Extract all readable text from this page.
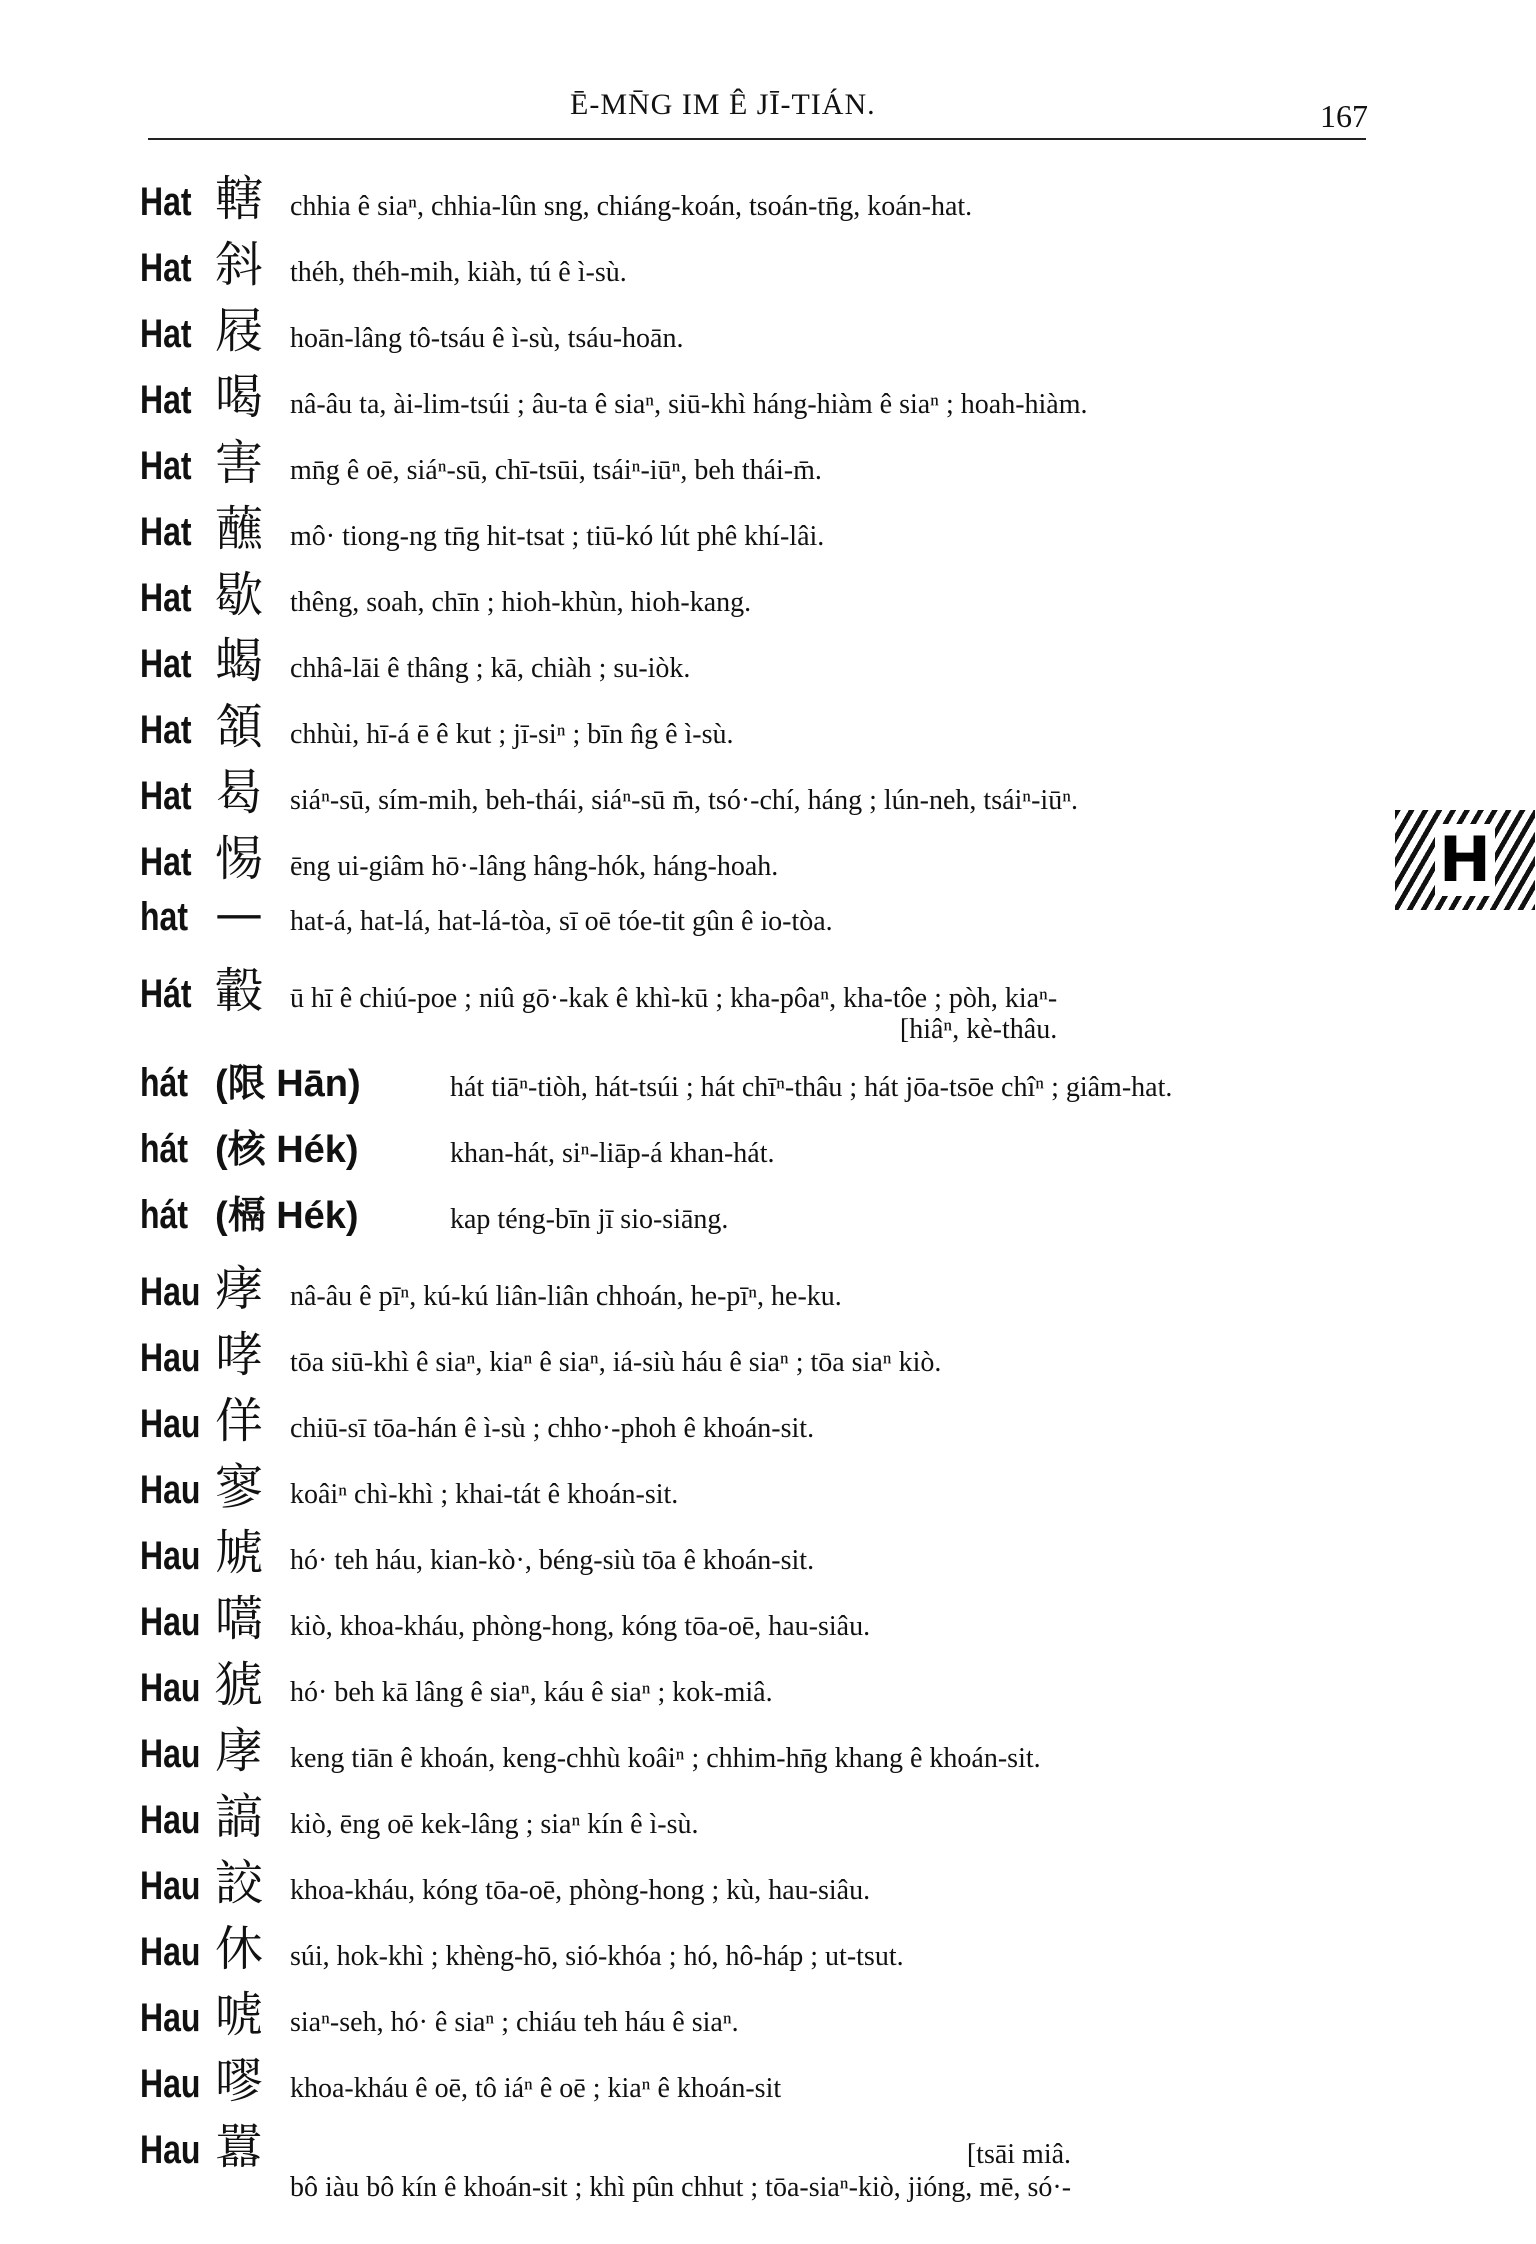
Ē-MN̄G IM Ê JĪ-TIÁN.	167
H
Hat 轄 chhia ê siaⁿ, chhia-lûn sng, chiáng-koán, tsoán-tn̄g, koán-hat.
Hat 斜 théh, théh-mih, kiàh, tú ê ì-sù.
Hat 屐 hoān-lâng tô-tsáu ê ì-sù, tsáu-hoān.
Hat 喝 nâ-âu ta, ài-lim-tsúi ; âu-ta ê siaⁿ, siū-khì háng-hiàm ê siaⁿ ; hoah-hiàm.
Hat 害 mn̄g ê oē, siáⁿ-sū, chī-tsūi, tsáiⁿ-iūⁿ, beh thái-m̄.
Hat 蘸 mô· tiong-ng tn̄g hit-tsat ; tiū-kó lút phê khí-lâi.
Hat 歇 thêng, soah, chīn ; hioh-khùn, hioh-kang.
Hat 蝎 chhâ-lāi ê thâng ; kā, chiàh ; su-iòk.
Hat 頷 chhùi, hī-á ē ê kut ; jī-siⁿ ; bīn n̂g ê ì-sù.
Hat 曷 siáⁿ-sū, sím-mih, beh-thái, siáⁿ-sū m̄, tsó·-chí, háng ; lún-neh, tsáiⁿ-iūⁿ.
Hat 惕 ēng ui-giâm hō·-lâng hâng-hók, háng-hoah.
hat — hat-á, hat-lá, hat-lá-tòa, sī oē tóe-tit gûn ê io-tòa.
Hát 轂 ū hī ê chiú-poe ; niû gō·-kak ê khì-kū ; kha-pôaⁿ, kha-tôe ; pòh, kiaⁿ-
[hiâⁿ, kè-thâu.
hát (限 Hān)	hát tiāⁿ-tiòh, hát-tsúi ; hát chīⁿ-thâu ; hát jōa-tsōe chîⁿ ; giâm-hat.
hát (核 Hék)	khan-hát, siⁿ-liāp-á khan-hát.
hát (槅 Hék)	kap téng-bīn jī sio-siāng.
Hau 痚 nâ-âu ê pīⁿ, kú-kú liân-liân chhoán, he-pīⁿ, he-ku.
Hau 哮 tōa siū-khì ê siaⁿ, kiaⁿ ê siaⁿ, iá-siù háu ê siaⁿ ; tōa siaⁿ kiò.
Hau 佯 chiū-sī tōa-hán ê ì-sù ; chho·-phoh ê khoán-sit.
Hau 寥 koâiⁿ chì-khì ; khai-tát ê khoán-sit.
Hau 虓 hó· teh háu, kian-kò·, béng-siù tōa ê khoán-sit.
Hau 嚆 kiò, khoa-kháu, phòng-hong, kóng tōa-oē, hau-siâu.
Hau 猇 hó· beh kā lâng ê siaⁿ, káu ê siaⁿ ; kok-miâ.
Hau 庨 keng tiān ê khoán, keng-chhù koâiⁿ ; chhim-hn̄g khang ê khoán-sit.
Hau 謞 kiò, ēng oē kek-lâng ; siaⁿ kín ê ì-sù.
Hau 詨 khoa-kháu, kóng tōa-oē, phòng-hong ; kù, hau-siâu.
Hau 休 súi, hok-khì ; khèng-hō, sió-khóa ; hó, hô-háp ; ut-tsut.
Hau 唬 siaⁿ-seh, hó· ê siaⁿ ; chiáu teh háu ê siaⁿ.
Hau 嘐 khoa-kháu ê oē, tô iáⁿ ê oē ; kiaⁿ ê khoán-sit
Hau 囂	[tsāi miâ.
bô iàu bô kín ê khoán-sit ; khì pûn chhut ; tōa-siaⁿ-kiò, jióng, mē, só·-
